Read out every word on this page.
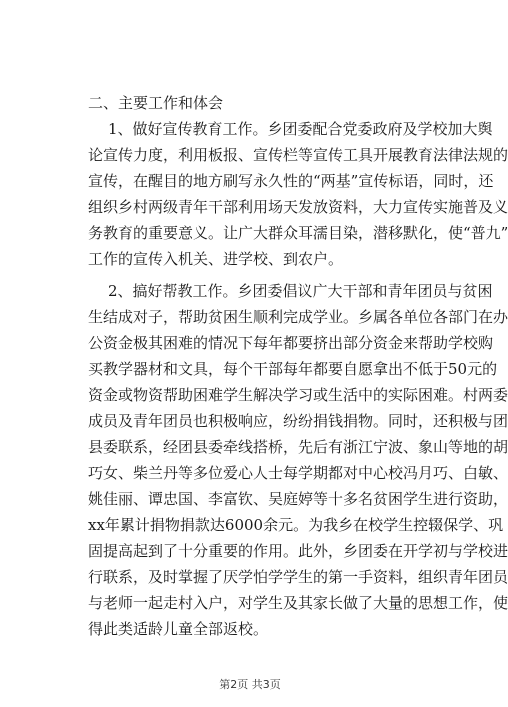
二、主要工作和体会
1、做好宣传教育工作。乡团委配合党委政府及学校加大舆
论宣传力度，利用板报、宣传栏等宣传工具开展教育法律法规的
宣传，在醒目的地方刷写永久性的“两基”宣传标语，同时，还
组织乡村两级青年干部利用场天发放资料，大力宣传实施普及义
务教育的重要意义。让广大群众耳濡目染，潜移默化，使“普九”
工作的宣传入机关、进学校、到农户。
2、搞好帮教工作。乡团委倡议广大干部和青年团员与贫困
生结成对子，帮助贫困生顺利完成学业。乡属各单位各部门在办
公资金极其困难的情况下每年都要挤出部分资金来帮助学校购
买教学器材和文具，每个干部每年都要自愿拿出不低于50元的
资金或物资帮助困难学生解决学习或生活中的实际困难。村两委
成员及青年团员也积极响应，纷纷捐钱捐物。同时，还积极与团
县委联系，经团县委牵线搭桥，先后有浙江宁波、象山等地的胡
巧女、柴兰丹等多位爱心人士每学期都对中心校冯月巧、白敏、
姚佳丽、谭忠国、李富钦、吴庭婷等十多名贫困学生进行资助，
xx年累计捐物捐款达6000余元。为我乡在校学生控辍保学、巩
固提高起到了十分重要的作用。此外，乡团委在开学初与学校进
行联系，及时掌握了厌学怕学学生的第一手资料，组织青年团员
与老师一起走村入户，对学生及其家长做了大量的思想工作，使
得此类适龄儿童全部返校。
第2页 共3页
